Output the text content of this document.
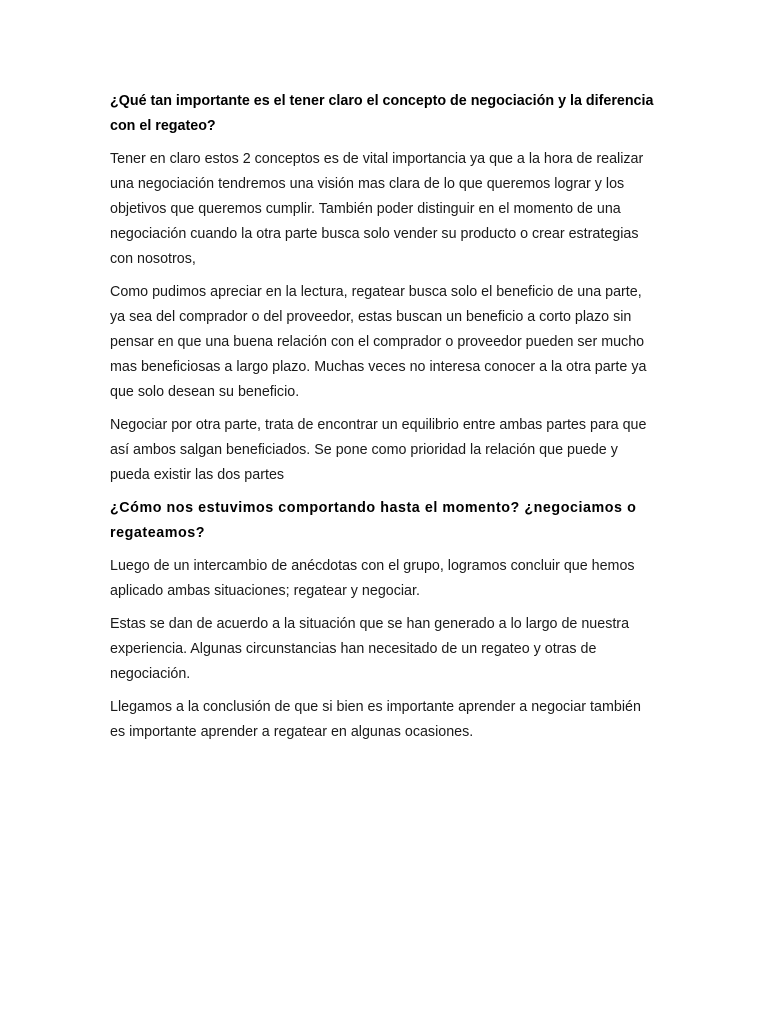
¿Qué tan importante es el tener claro el concepto de negociación y la diferencia con el regateo?
Tener en claro estos 2 conceptos es de vital importancia ya que a la hora de realizar una negociación tendremos una visión mas clara de lo que queremos lograr y los objetivos que queremos cumplir. También poder distinguir en el momento de una negociación cuando la otra parte busca solo vender su producto o crear estrategias con nosotros,
Como pudimos apreciar en la lectura, regatear busca solo el beneficio de una parte, ya sea del comprador o del proveedor, estas buscan un beneficio a corto plazo sin pensar en que una buena relación con el comprador o proveedor pueden ser mucho mas beneficiosas a largo plazo. Muchas veces no interesa conocer a la otra parte ya que solo desean su beneficio.
Negociar por otra parte, trata de encontrar un equilibrio entre ambas partes para que así ambos salgan beneficiados. Se pone como prioridad la relación que puede y pueda existir las dos partes
¿Cómo nos estuvimos comportando hasta el momento? ¿negociamos o regateamos?
Luego de un intercambio de anécdotas con el grupo, logramos concluir que hemos aplicado ambas situaciones; regatear y negociar.
Estas se dan de acuerdo a la situación que se han generado a lo largo de nuestra experiencia. Algunas circunstancias han necesitado de un regateo y otras de negociación.
Llegamos a la conclusión de que si bien es importante aprender a negociar también es importante aprender a regatear en algunas ocasiones.
